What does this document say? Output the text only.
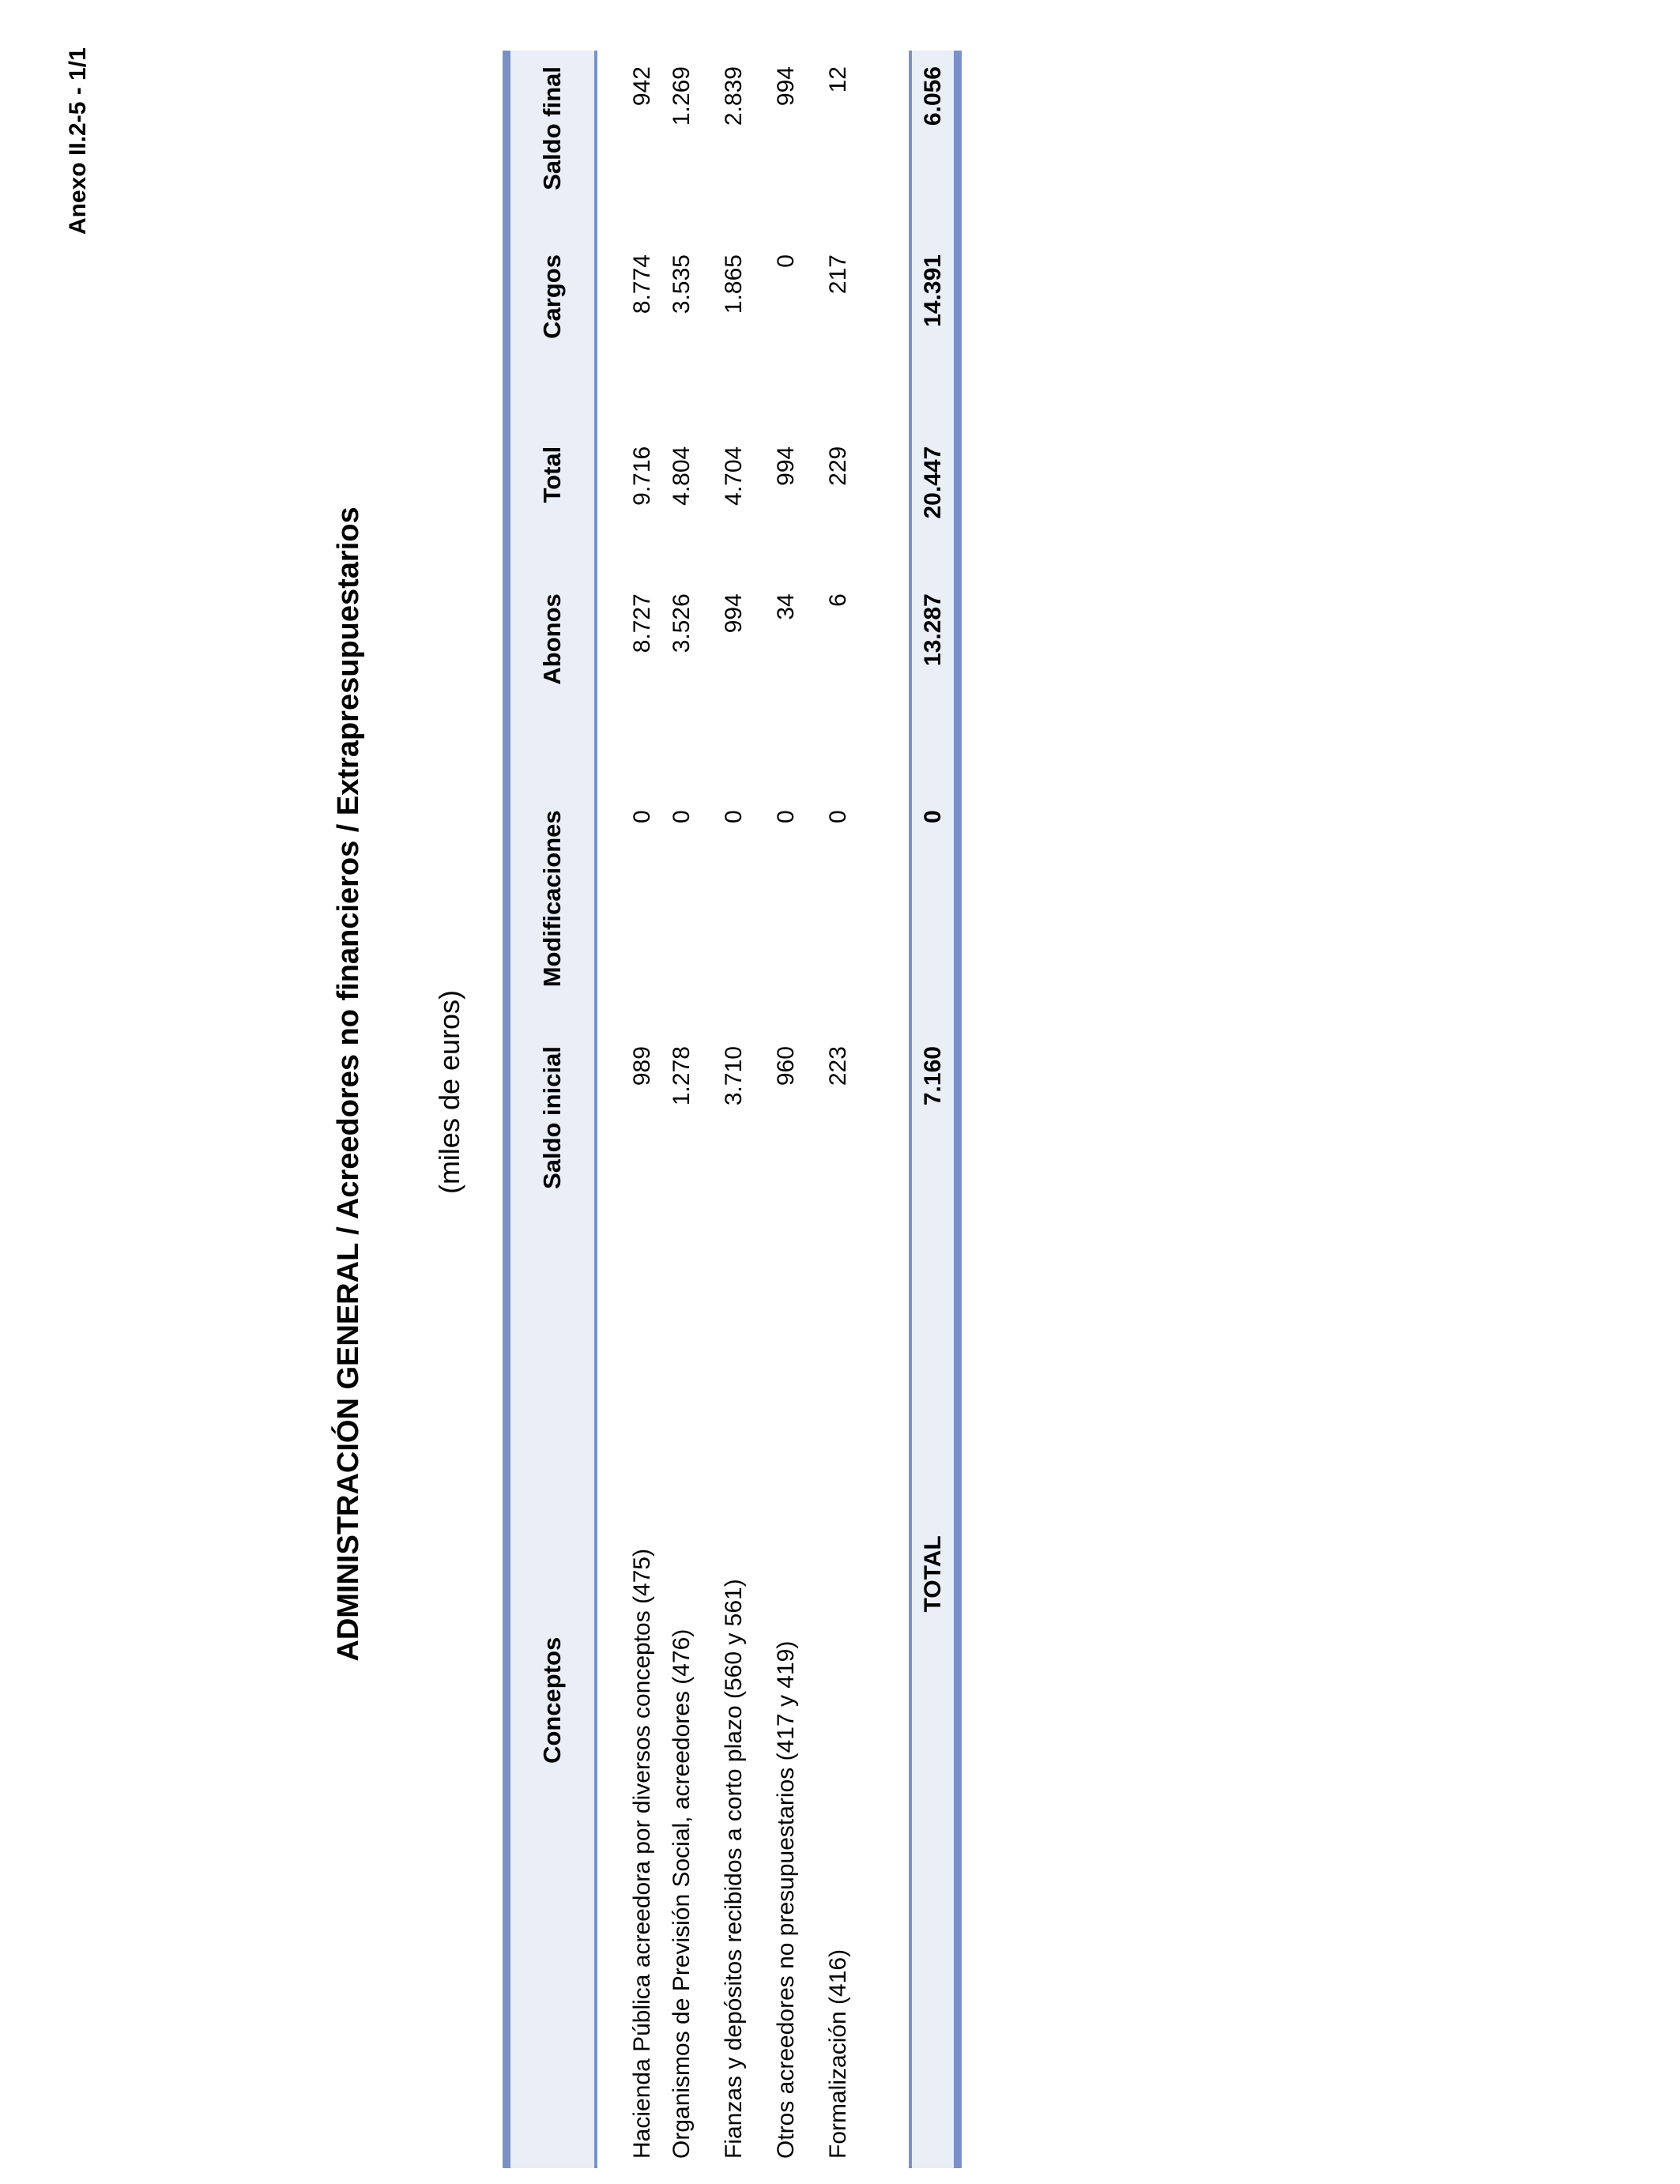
Anexo II.2-5 - 1/1
ADMINISTRACIÓN GENERAL / Acreedores no financieros / Extrapresupuestarios (miles de euros)
Conceptos	Saldo inicial	Modificaciones	Abonos	Total	Cargos	Saldo final
Hacienda Pública acreedora por diversos conceptos (475)	989	0	8.727	9.716	8.774	942
Organismos de Previsión Social, acreedores (476)	1.278	0	3.526	4.804	3.535	1.269
Fianzas y depósitos recibidos a corto plazo (560 y 561)	3.710	0	994	4.704	1.865	2.839
Otros acreedores no presupuestarios (417 y 419)	960	0	34	994	0	994
Formalización (416)	223	0	6	229	217	12

TOTAL	7.160	0	13.287	20.447	14.391	6.056
